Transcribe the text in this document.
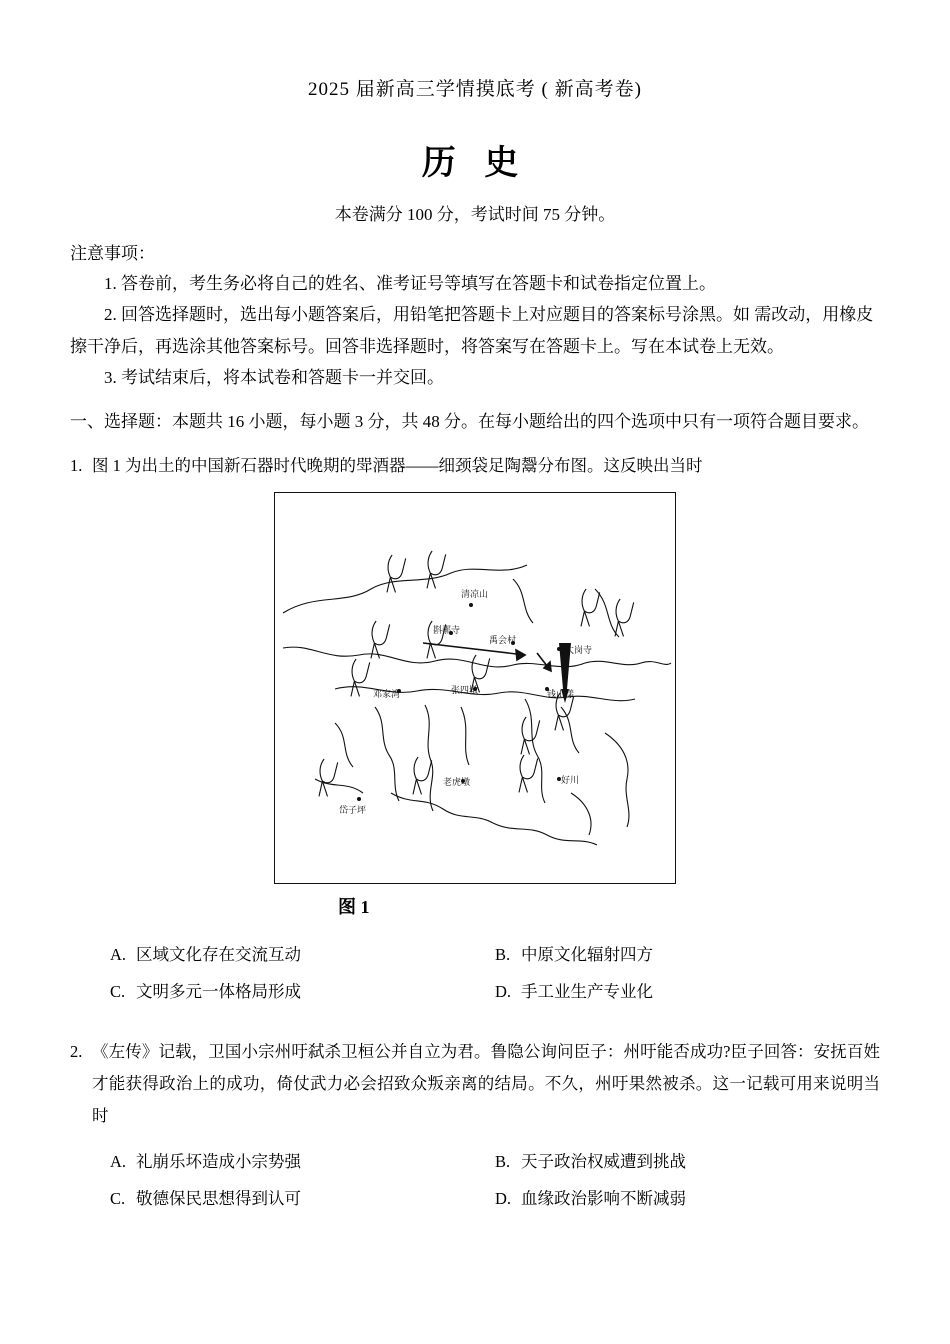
2025 届新高三学情摸底考 ( 新高考卷)
历 史
本卷满分 100 分，考试时间 75 分钟。
注意事项：
1. 答卷前，考生务必将自己的姓名、准考证号等填写在答题卡和试卷指定位置上。
2. 回答选择题时，选出每小题答案后，用铅笔把答题卡上对应题目的答案标号涂黑。如 需改动，用橡皮擦干净后，再选涂其他答案标号。回答非选择题时，将答案写在答题卡上。写在本试卷上无效。
3. 考试结束后，将本试卷和答题卡一并交回。
一、选择题：本题共 16 小题，每小题 3 分，共 48 分。在每小题给出的四个选项中只有一项符合题目要求。
1. 图 1 为出土的中国新石器时代晚期的斝酒器——细颈袋足陶鬶分布图。这反映出当时
清凉山
斟鄩寺
禹会村
太岗寺
邓家湾	张四墩	钱山漾
老虎墩	好川
岱子坪
图 1
A. 区域文化存在交流互动	B. 中原文化辐射四方
C. 文明多元一体格局形成	D. 手工业生产专业化
2. 《左传》记载，卫国小宗州吁弑杀卫桓公并自立为君。鲁隐公询问臣子：州吁能否成功?臣子回答：安抚百姓才能获得政治上的成功，倚仗武力必会招致众叛亲离的结局。不久，州吁果然被杀。这一记载可用来说明当时
A. 礼崩乐坏造成小宗势强	B. 天子政治权威遭到挑战
C. 敬德保民思想得到认可	D. 血缘政治影响不断减弱
